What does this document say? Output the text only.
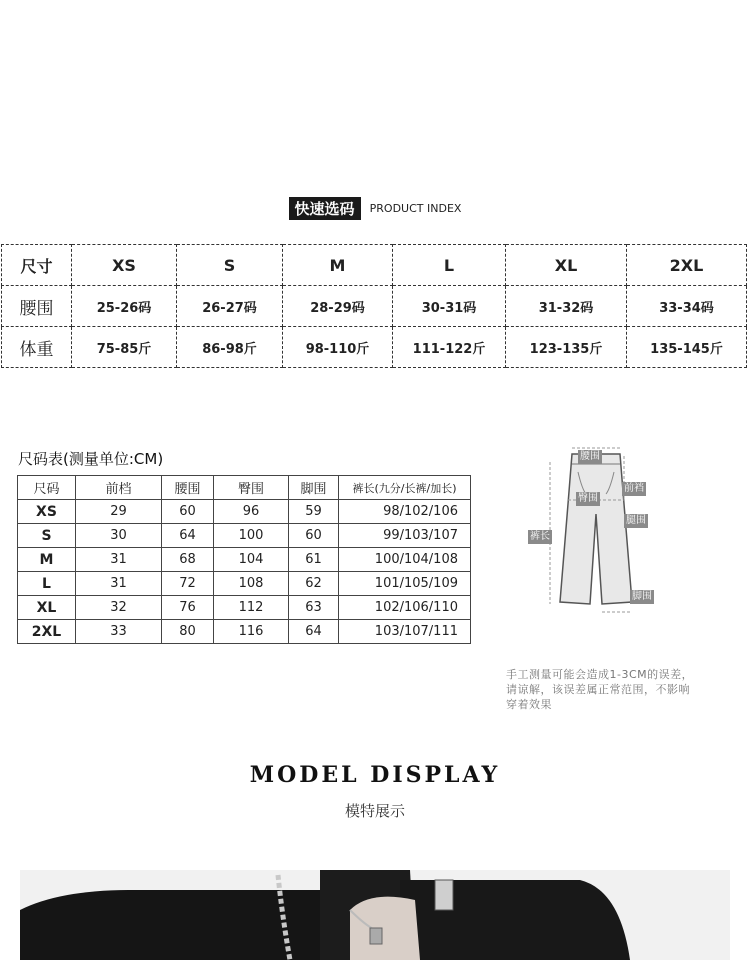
快速选码 PRODUCT INDEX
尺寸	XS	S	M	L	XL	2XL
腰围	25-26码	26-27码	28-29码	30-31码	31-32码	33-34码
体重	75-85斤	86-98斤	98-110斤	111-122斤	123-135斤	135-145斤
尺码表(测量单位:CM)
尺码	前档	腰围	臀围	脚围	裤长(九分/长裤/加长)
XS	29	60	96	59	98/102/106
S	30	64	100	60	99/103/107
M	31	68	104	61	100/104/108
L	31	72	108	62	101/105/109
XL	32	76	112	63	102/106/110
2XL	33	80	116	64	103/107/111
腰围
前裆
臀围
腿围
裤长
脚围
手工测量可能会造成1-3CM的误差，请谅解，该误差属正常范围，不影响穿着效果
MODEL DISPLAY
模特展示
